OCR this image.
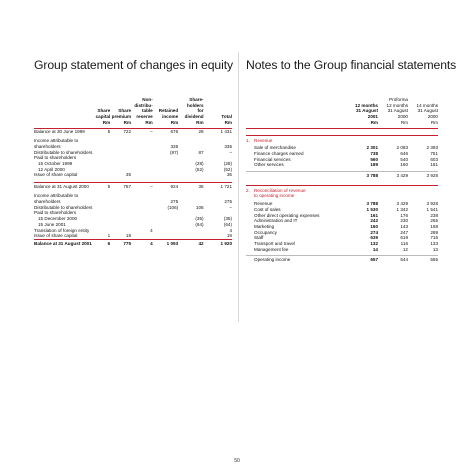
Group statement of changes in equity Notes to the Group financial statements
			Non-		Share-	
			distribu-		holders	
	Share	Share	table	Retained	for	
	capital	premium	reserve	income	dividend	Total
	Rm	Rm	Rm	Rm	Rm	Rm
Balance at 30 June 1999	5	722	–	676	28	1 431

Income attributable to						
shareholders				335		335
Distributable to shareholders				(87)	87	–
Paid to shareholders						
15 October 1999					(28)	(28)
12 April 2000					(52)	(52)
Issue of share capital		35				35

Balance at 31 August 2000	5	757	–	924	35	1 721

Income attributable to						
shareholders				275		275
Distributable to shareholders				(106)	106	–
Paid to shareholders						
15 December 2000					(35)	(35)
15 June 2001					(64)	(64)
Translation of foreign entity			4			4
Issue of share capital	1	18				19
Balance at 31 August 2001	6	775	4	1 093	42	1 920
			Proforma	
		12 months	12 months	14 months
		31 August	31 August	31 August
		2001	2000	2000
		Rm	Rm	Rm

1.	Revenue			

	Sale of merchandise	2 301	2 083	2 393
	Finance charges earned	738	646	751
	Financial services	560	540	603
	Other services	189	160	181

		3 788	3 429	3 928

2.	Reconciliation of revenue			
	to operating income			

	Revenue	3 788	3 429	3 928
	Cost of sales	1 530	1 342	1 541
	Other direct operating expenses	161	176	238
	Administration and IT	242	230	265
	Marketing	160	143	168
	Occupancy	274	247	289
	Staff	639	619	716
	Transport and travel	132	116	133
	Management fee	14	12	13

	Operating income	657	544	565
50
